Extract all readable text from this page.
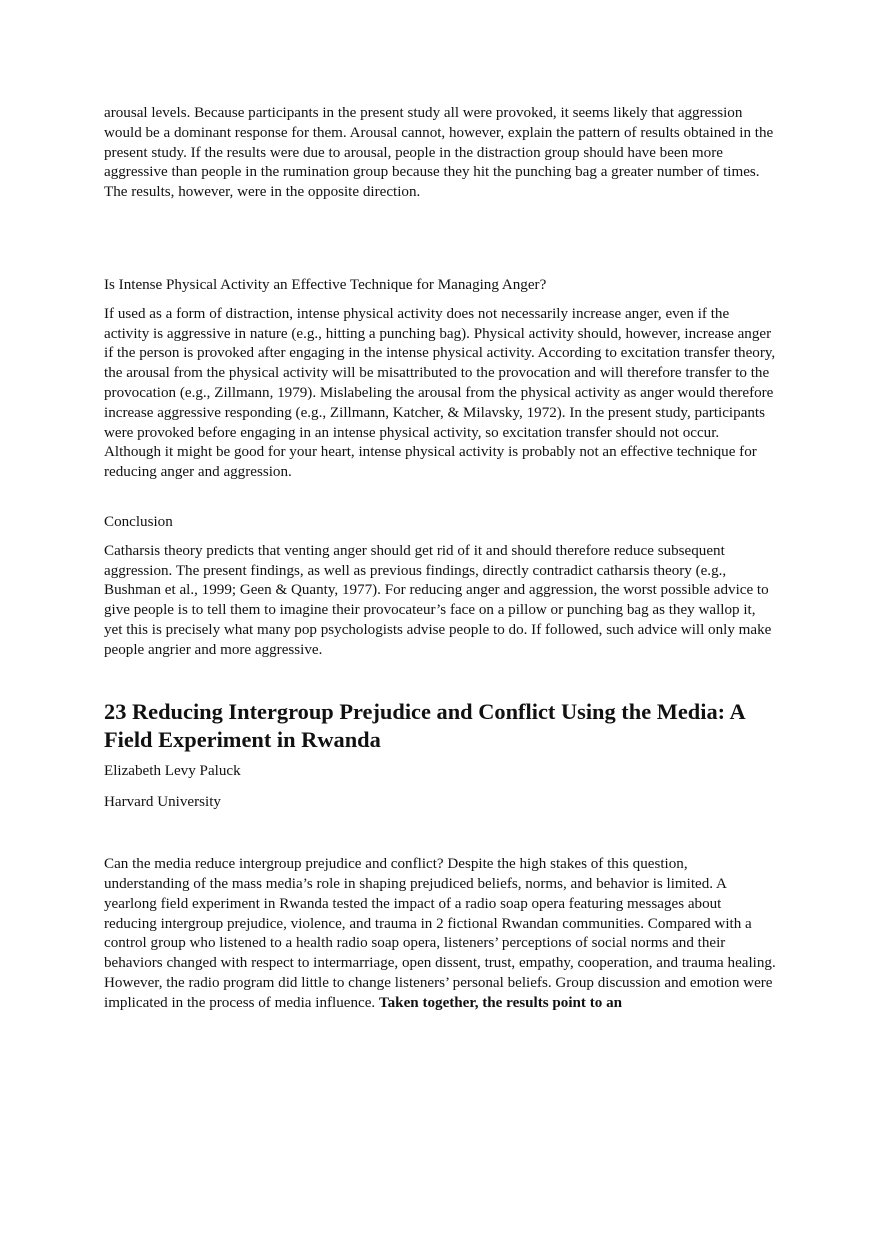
arousal levels. Because participants in the present study all were provoked, it seems likely that aggression would be a dominant response for them. Arousal cannot, however, explain the pattern of results obtained in the present study. If the results were due to arousal, people in the distraction group should have been more aggressive than people in the rumination group because they hit the punching bag a greater number of times. The results, however, were in the opposite direction.

Is Intense Physical Activity an Effective Technique for Managing Anger?

If used as a form of distraction, intense physical activity does not necessarily increase anger, even if the activity is aggressive in nature (e.g., hitting a punching bag). Physical activity should, however, increase anger if the person is provoked after engaging in the intense physical activity. According to excitation transfer theory, the arousal from the physical activity will be misattributed to the provocation and will therefore transfer to the provocation (e.g., Zillmann, 1979). Mislabeling the arousal from the physical activity as anger would therefore increase aggressive responding (e.g., Zillmann, Katcher, & Milavsky, 1972). In the present study, participants were provoked before engaging in an intense physical activity, so excitation transfer should not occur. Although it might be good for your heart, intense physical activity is probably not an effective technique for reducing anger and aggression.

Conclusion

Catharsis theory predicts that venting anger should get rid of it and should therefore reduce subsequent aggression. The present findings, as well as previous findings, directly contradict catharsis theory (e.g., Bushman et al., 1999; Geen & Quanty, 1977). For reducing anger and aggression, the worst possible advice to give people is to tell them to imagine their provocateur’s face on a pillow or punching bag as they wallop it, yet this is precisely what many pop psychologists advise people to do. If followed, such advice will only make people angrier and more aggressive.

23 Reducing Intergroup Prejudice and Conflict Using the Media: A Field Experiment in Rwanda

Elizabeth Levy Paluck

Harvard University

Can the media reduce intergroup prejudice and conflict? Despite the high stakes of this question, understanding of the mass media’s role in shaping prejudiced beliefs, norms, and behavior is limited. A yearlong field experiment in Rwanda tested the impact of a radio soap opera featuring messages about reducing intergroup prejudice, violence, and trauma in 2 fictional Rwandan communities. Compared with a control group who listened to a health radio soap opera, listeners’ perceptions of social norms and their behaviors changed with respect to intermarriage, open dissent, trust, empathy, cooperation, and trauma healing. However, the radio program did little to change listeners’ personal beliefs. Group discussion and emotion were implicated in the process of media influence. Taken together, the results point to an
